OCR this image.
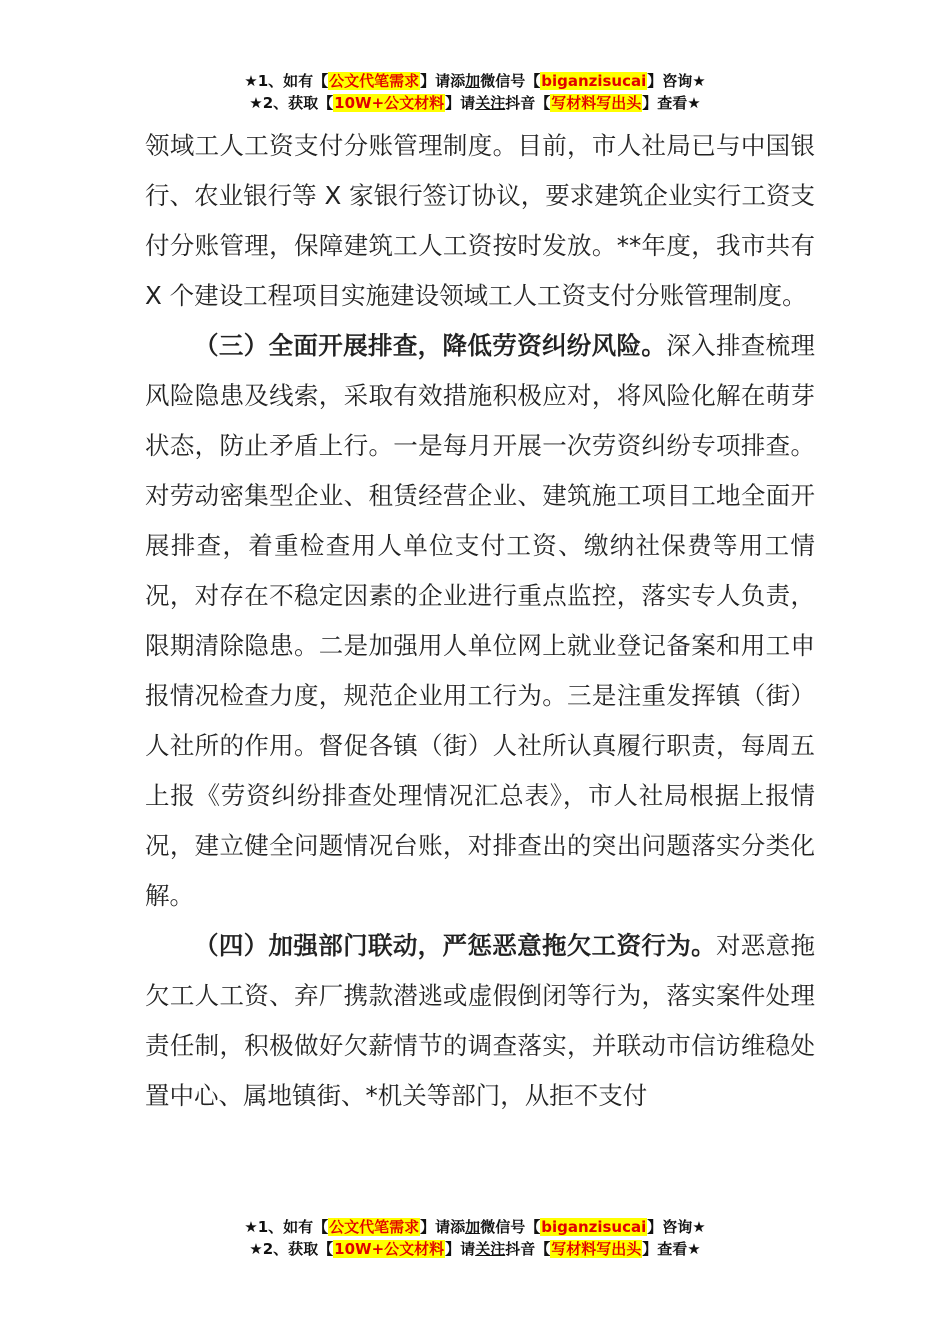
★1、如有【公文代笔需求】请添加微信号【biganzisucai】咨询★
★2、获取【10W+公文材料】请关注抖音【写材料写出头】查看★

领域工人工资支付分账管理制度。目前，市人社局已与中国银行、农业银行等 X 家银行签订协议，要求建筑企业实行工资支付分账管理，保障建筑工人工资按时发放。**年度，我市共有 X 个建设工程项目实施建设领域工人工资支付分账管理制度。

（三）全面开展排查，降低劳资纠纷风险。深入排查梳理风险隐患及线索，采取有效措施积极应对，将风险化解在萌芽状态，防止矛盾上行。一是每月开展一次劳资纠纷专项排查。对劳动密集型企业、租赁经营企业、建筑施工项目工地全面开展排查，着重检查用人单位支付工资、缴纳社保费等用工情况，对存在不稳定因素的企业进行重点监控，落实专人负责，限期清除隐患。二是加强用人单位网上就业登记备案和用工申报情况检查力度，规范企业用工行为。三是注重发挥镇（街）人社所的作用。督促各镇（街）人社所认真履行职责，每周五上报《劳资纠纷排查处理情况汇总表》，市人社局根据上报情况，建立健全问题情况台账，对排查出的突出问题落实分类化解。

（四）加强部门联动，严惩恶意拖欠工资行为。对恶意拖欠工人工资、弃厂携款潜逃或虚假倒闭等行为，落实案件处理责任制，积极做好欠薪情节的调查落实，并联动市信访维稳处置中心、属地镇街、*机关等部门，从拒不支付

★1、如有【公文代笔需求】请添加微信号【biganzisucai】咨询★
★2、获取【10W+公文材料】请关注抖音【写材料写出头】查看★
